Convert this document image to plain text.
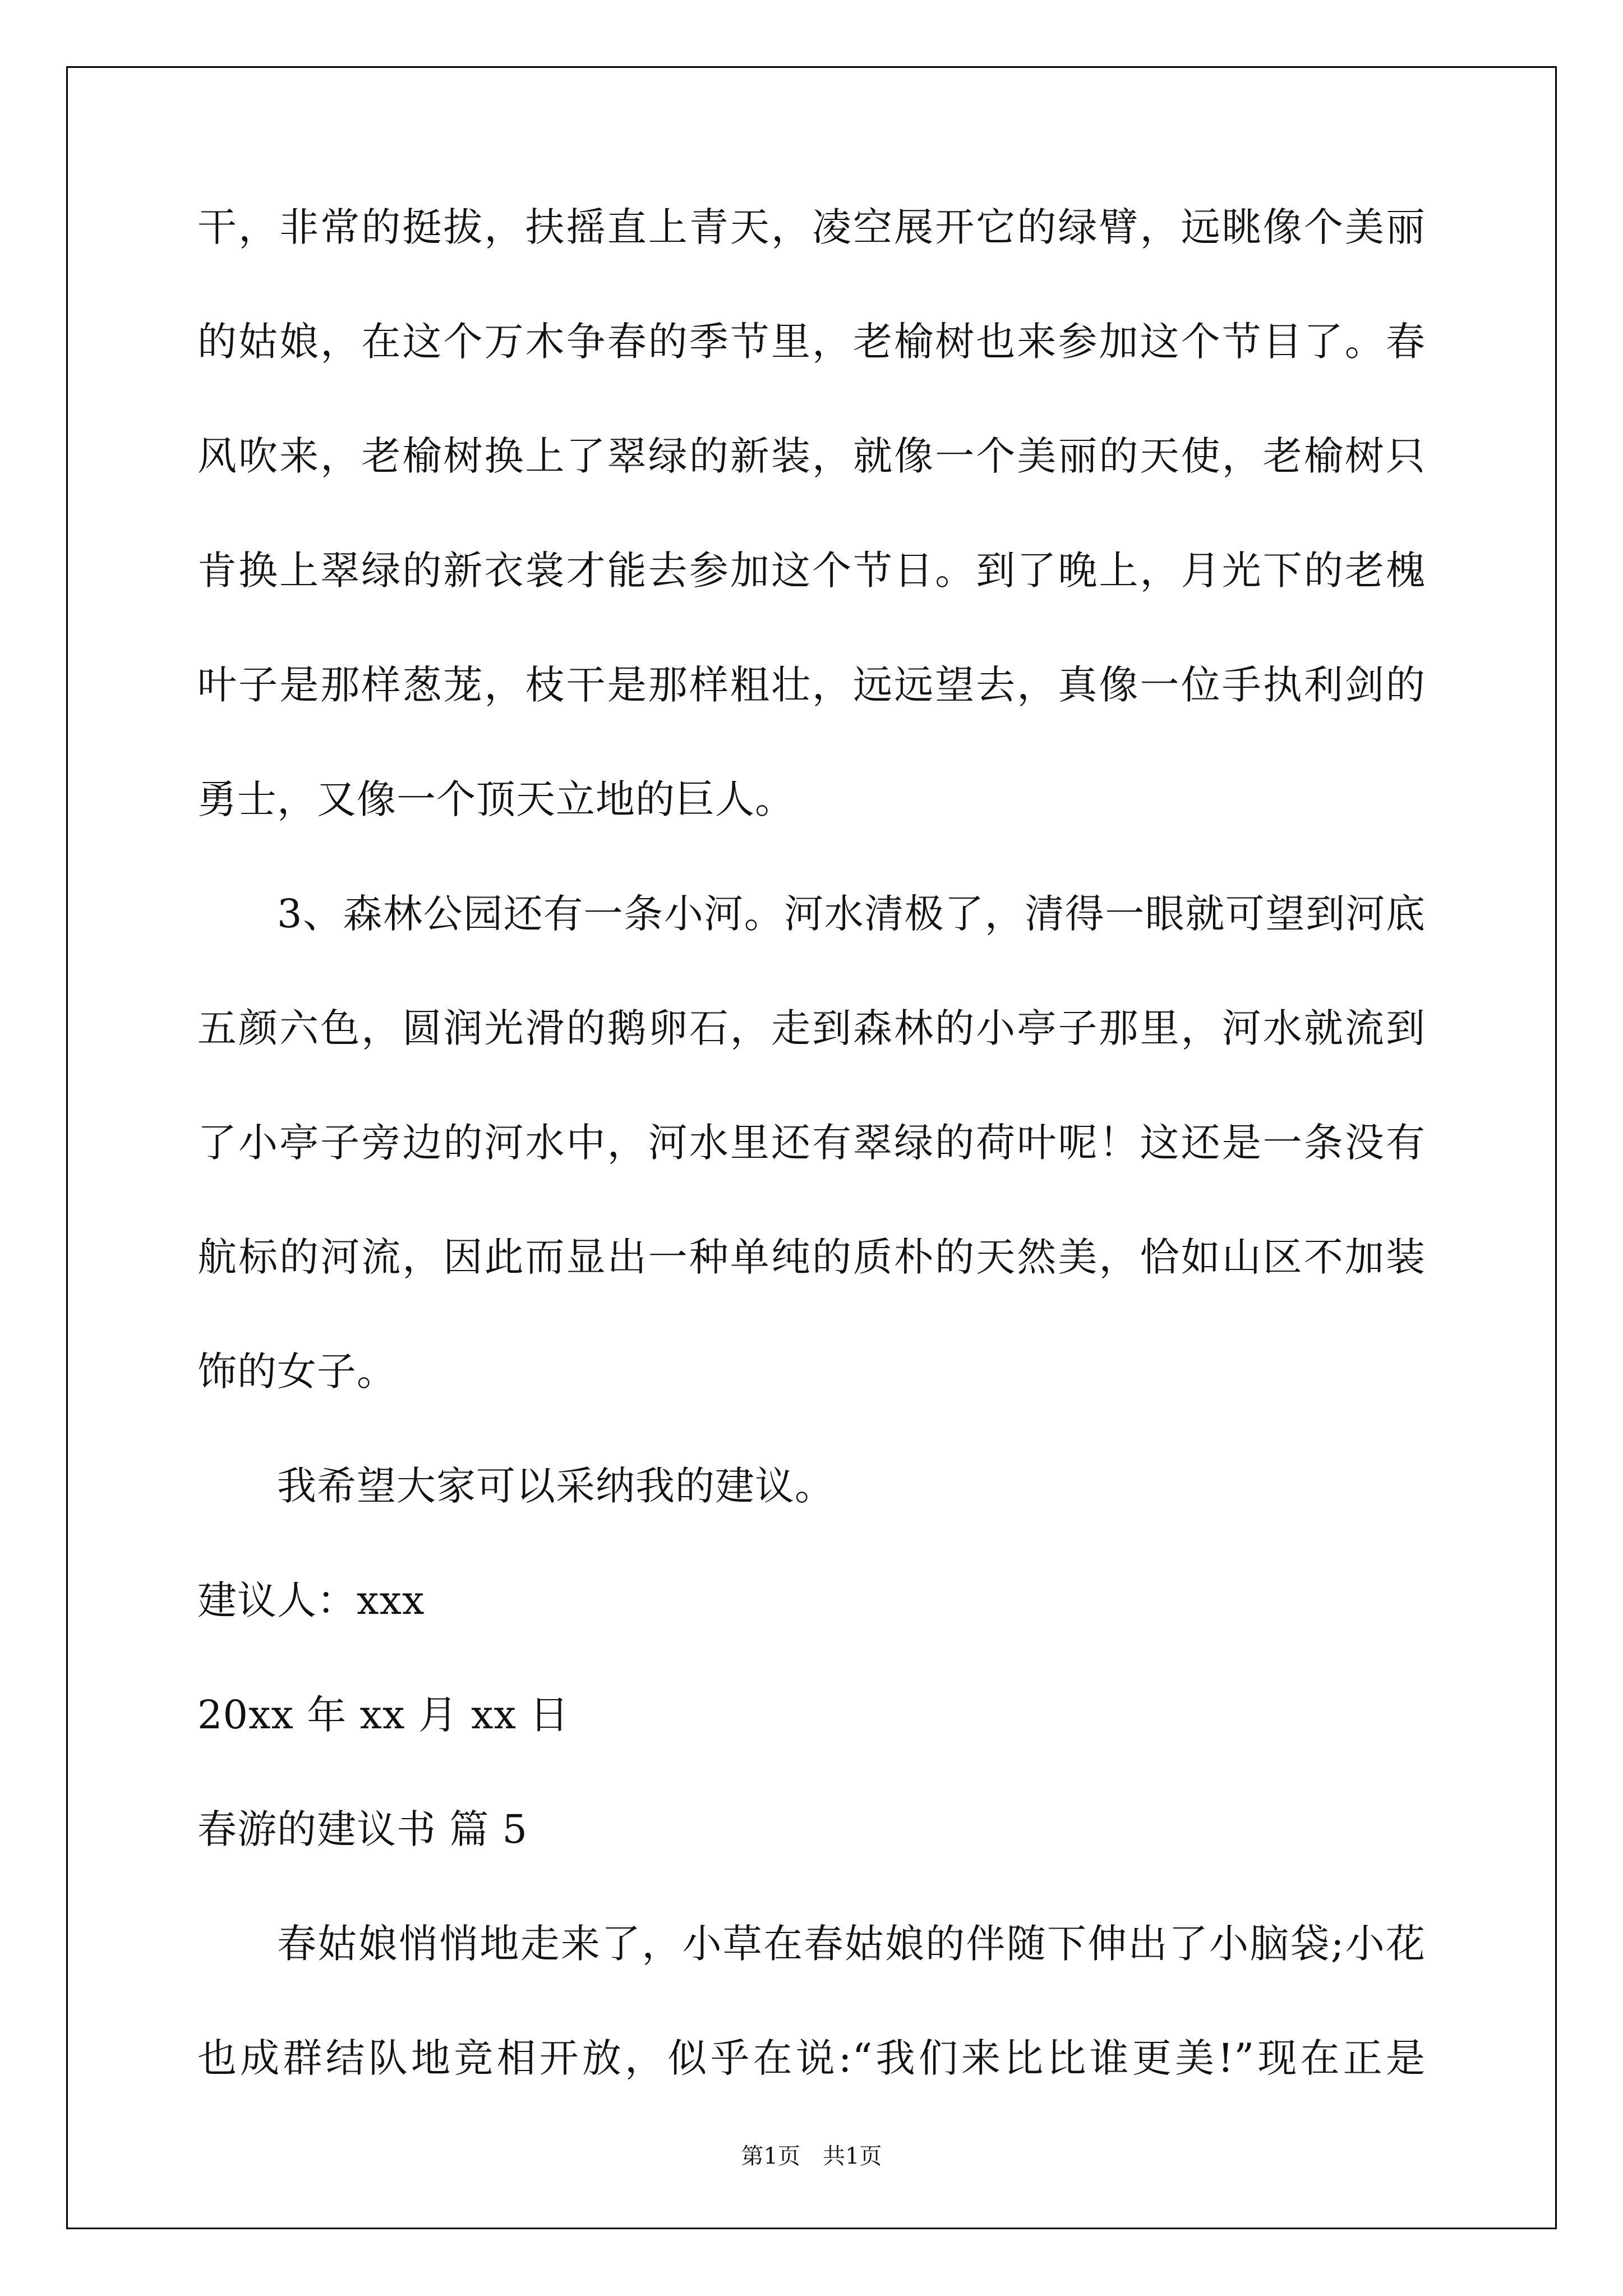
干，非常的挺拔，扶摇直上青天，凌空展开它的绿臂，远眺像个美丽
的姑娘，在这个万木争春的季节里，老榆树也来参加这个节目了。春
风吹来，老榆树换上了翠绿的新装，就像一个美丽的天使，老榆树只
肯换上翠绿的新衣裳才能去参加这个节日。到了晚上，月光下的老槐
叶子是那样葱茏，枝干是那样粗壮，远远望去，真像一位手执利剑的
勇士，又像一个顶天立地的巨人。
3、森林公园还有一条小河。河水清极了，清得一眼就可望到河底
五颜六色，圆润光滑的鹅卵石，走到森林的小亭子那里，河水就流到
了小亭子旁边的河水中，河水里还有翠绿的荷叶呢！这还是一条没有
航标的河流，因此而显出一种单纯的质朴的天然美，恰如山区不加装
饰的女子。
我希望大家可以采纳我的建议。
建议人：xxx
20xx 年 xx 月 xx 日
春游的建议书 篇 5
春姑娘悄悄地走来了，小草在春姑娘的伴随下伸出了小脑袋;小花
也成群结队地竞相开放，似乎在说:“我们来比比谁更美!”现在正是
第1页　共1页
